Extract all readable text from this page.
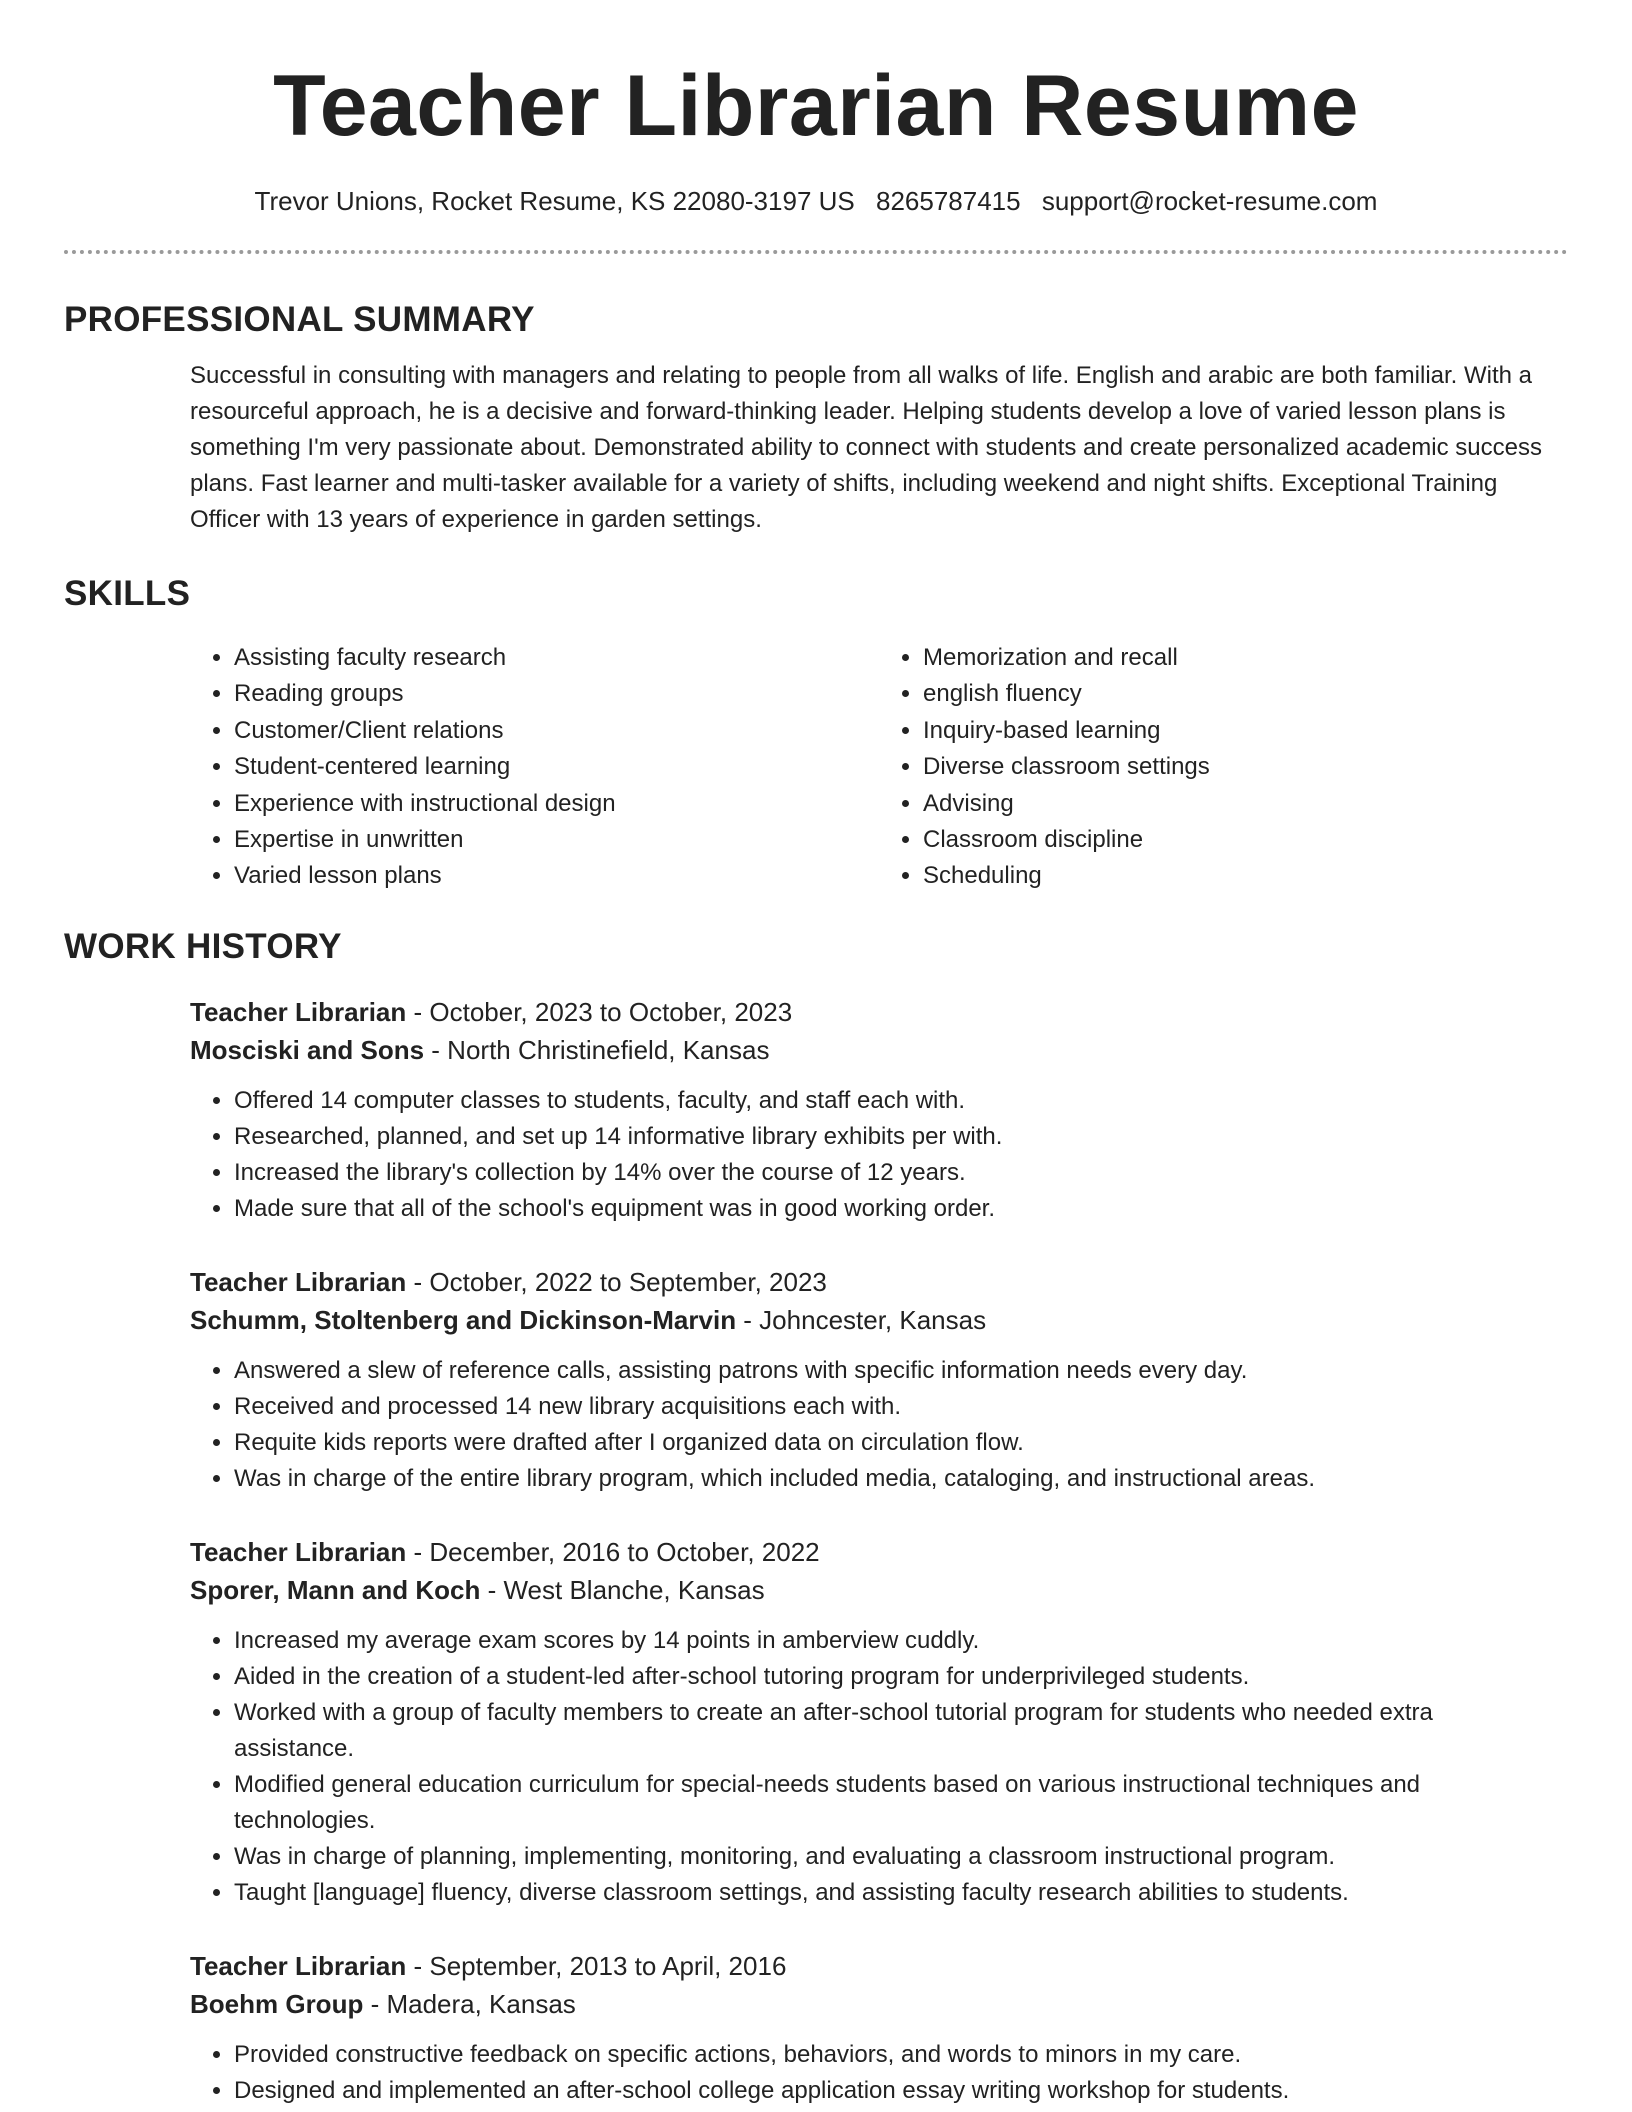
Teacher Librarian Resume
Trevor Unions, Rocket Resume, KS 22080-3197 US 8265787415 support@rocket-resume.com
PROFESSIONAL SUMMARY

Successful in consulting with managers and relating to people from all walks of life. English and arabic are both familiar. With a resourceful approach, he is a decisive and forward-thinking leader. Helping students develop a love of varied lesson plans is something I'm very passionate about. Demonstrated ability to connect with students and create personalized academic success plans. Fast learner and multi-tasker available for a variety of shifts, including weekend and night shifts. Exceptional Training Officer with 13 years of experience in garden settings.

SKILLS
• Assisting faculty research
• Reading groups
• Customer/Client relations
• Student-centered learning
• Experience with instructional design
• Expertise in unwritten
• Varied lesson plans
• Memorization and recall
• english fluency
• Inquiry-based learning
• Diverse classroom settings
• Advising
• Classroom discipline
• Scheduling
WORK HISTORY
Teacher Librarian - October, 2023 to October, 2023
Mosciski and Sons - North Christinefield, Kansas
• Offered 14 computer classes to students, faculty, and staff each with.
• Researched, planned, and set up 14 informative library exhibits per with.
• Increased the library's collection by 14% over the course of 12 years.
• Made sure that all of the school's equipment was in good working order.
Teacher Librarian - October, 2022 to September, 2023
Schumm, Stoltenberg and Dickinson-Marvin - Johncester, Kansas
• Answered a slew of reference calls, assisting patrons with specific information needs every day.
• Received and processed 14 new library acquisitions each with.
• Requite kids reports were drafted after I organized data on circulation flow.
• Was in charge of the entire library program, which included media, cataloging, and instructional areas.
Teacher Librarian - December, 2016 to October, 2022
Sporer, Mann and Koch - West Blanche, Kansas
• Increased my average exam scores by 14 points in amberview cuddly.
• Aided in the creation of a student-led after-school tutoring program for underprivileged students.
• Worked with a group of faculty members to create an after-school tutorial program for students who needed extra assistance.
• Modified general education curriculum for special-needs students based on various instructional techniques and technologies.
• Was in charge of planning, implementing, monitoring, and evaluating a classroom instructional program.
• Taught [language] fluency, diverse classroom settings, and assisting faculty research abilities to students.
Teacher Librarian - September, 2013 to April, 2016
Boehm Group - Madera, Kansas
• Provided constructive feedback on specific actions, behaviors, and words to minors in my care.
• Designed and implemented an after-school college application essay writing workshop for students.
